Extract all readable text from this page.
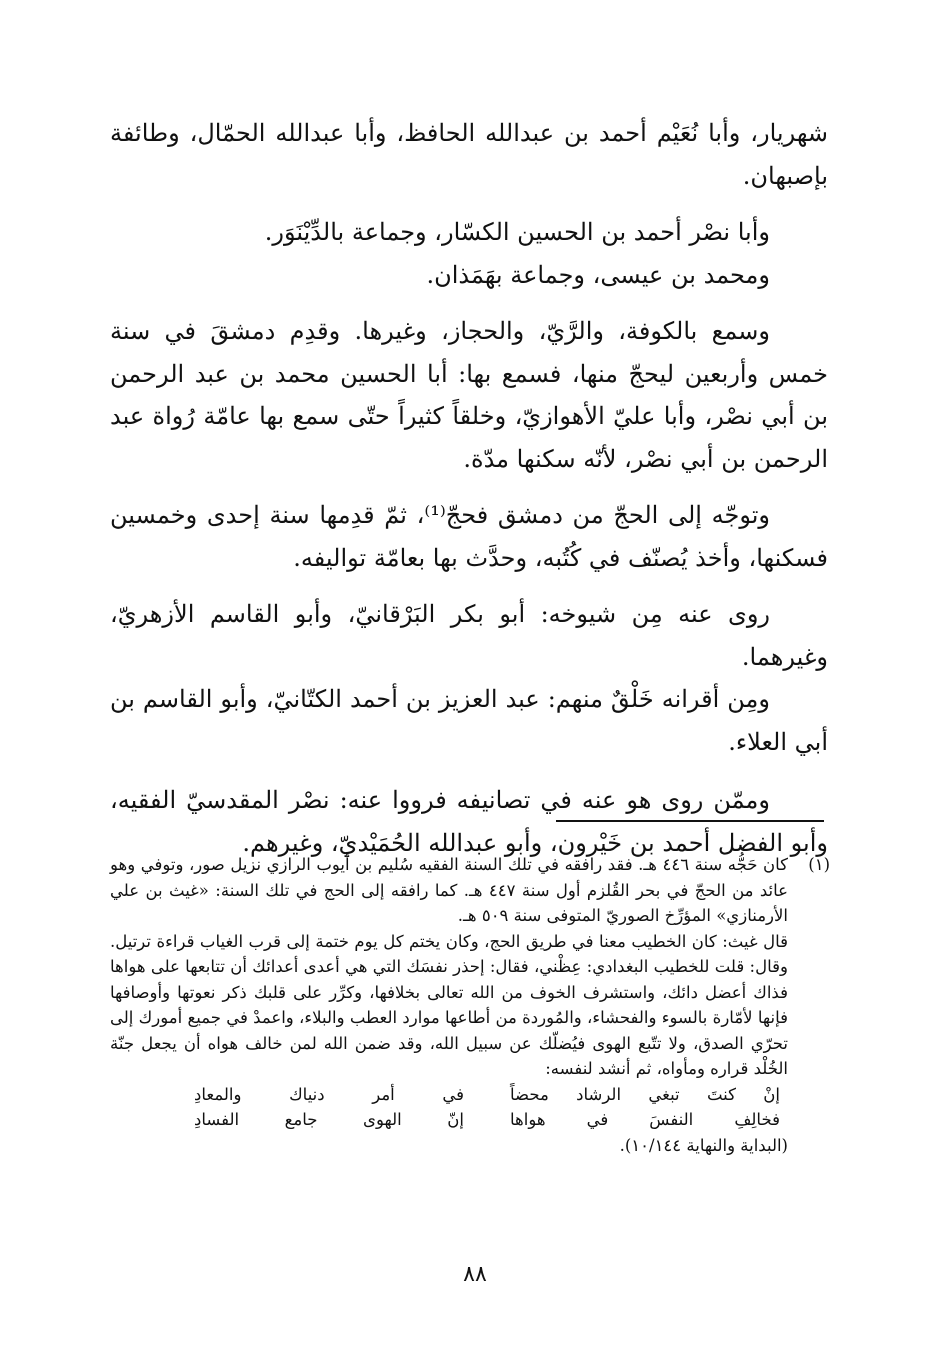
شهريار، وأبا نُعَيْم أحمد بن عبدالله الحافظ، وأبا عبدالله الحمّال، وطائفة بإصبهان.

وأبا نصْر أحمد بن الحسين الكسّار، وجماعة بالدِّيْنَوَر.

ومحمد بن عيسى، وجماعة بهَمَذان.

وسمع بالكوفة، والرَّيّ، والحجاز، وغيرها. وقدِم دمشقَ في سنة خمس وأربعين ليحجّ منها، فسمع بها: أبا الحسين محمد بن عبد الرحمن بن أبي نصْر، وأبا عليّ الأهوازيّ، وخلقاً كثيراً حتّى سمع بها عامّة رُواة عبد الرحمن بن أبي نصْر، لأنّه سكنها مدّة.

وتوجّه إلى الحجّ من دمشق فحجّ⁽¹⁾، ثمّ قدِمها سنة إحدى وخمسين فسكنها، وأخذ يُصنّف في كُتُبه، وحدَّث بها بعامّة تواليفه.

روى عنه مِن شيوخه: أبو بكر البَرْقانيّ، وأبو القاسم الأزهريّ، وغيرهما.

ومِن أقرانه خَلْقٌ منهم: عبد العزيز بن أحمد الكتّانيّ، وأبو القاسم بن أبي العلاء.

وممّن روى هو عنه في تصانيفه فرووا عنه: نصْر المقدسيّ الفقيه، وأبو الفضل أحمد بن خَيْرون، وأبو عبدالله الحُمَيْديّ، وغيرهم.

(١)

كان حَجُّه سنة ٤٤٦ هـ. فقد رافقه في تلك السنة الفقيه سُليم بن أيوب الرازي نزيل صور، وتوفي وهو عائد من الحجّ في بحر القُلزم أول سنة ٤٤٧ هـ. كما رافقه إلى الحج في تلك السنة: «غيث بن علي الأرمنازي» المؤرِّخ الصوريّ المتوفى سنة ٥٠٩ هـ.

قال غيث: كان الخطيب معنا في طريق الحج، وكان يختم كل يوم ختمة إلى قرب الغياب قراءة ترتيل. وقال: قلت للخطيب البغدادي: عِظْني، فقال: إحذر نفسَك التي هي أعدى أعدائك أن تتابعها على هواها فذاك أعضل دائك، واستشرف الخوف من الله تعالى بخلافها، وكرِّر على قلبك ذكر نعوتها وأوصافها فإنها لأمّارة بالسوء والفحشاء، والمُوردة من أطاعها موارد العطب والبلاء، واعمدْ في جميع أمورك إلى تحرّي الصدق، ولا تتّبع الهوى فيُضلّك عن سبيل الله، وقد ضمن الله لمن خالف هواه أن يجعل جنّة الخُلْد قراره ومأواه، ثم أنشد لنفسه:

إنْ كنتَ تبغي الرشاد محضاً
في أمر دنياك والمعادِ
فخالِفِ النفسَ في هواها
إنّ الهوى جامع الفسادِ

(البداية والنهاية ١٠/١٤٤).

٨٨
